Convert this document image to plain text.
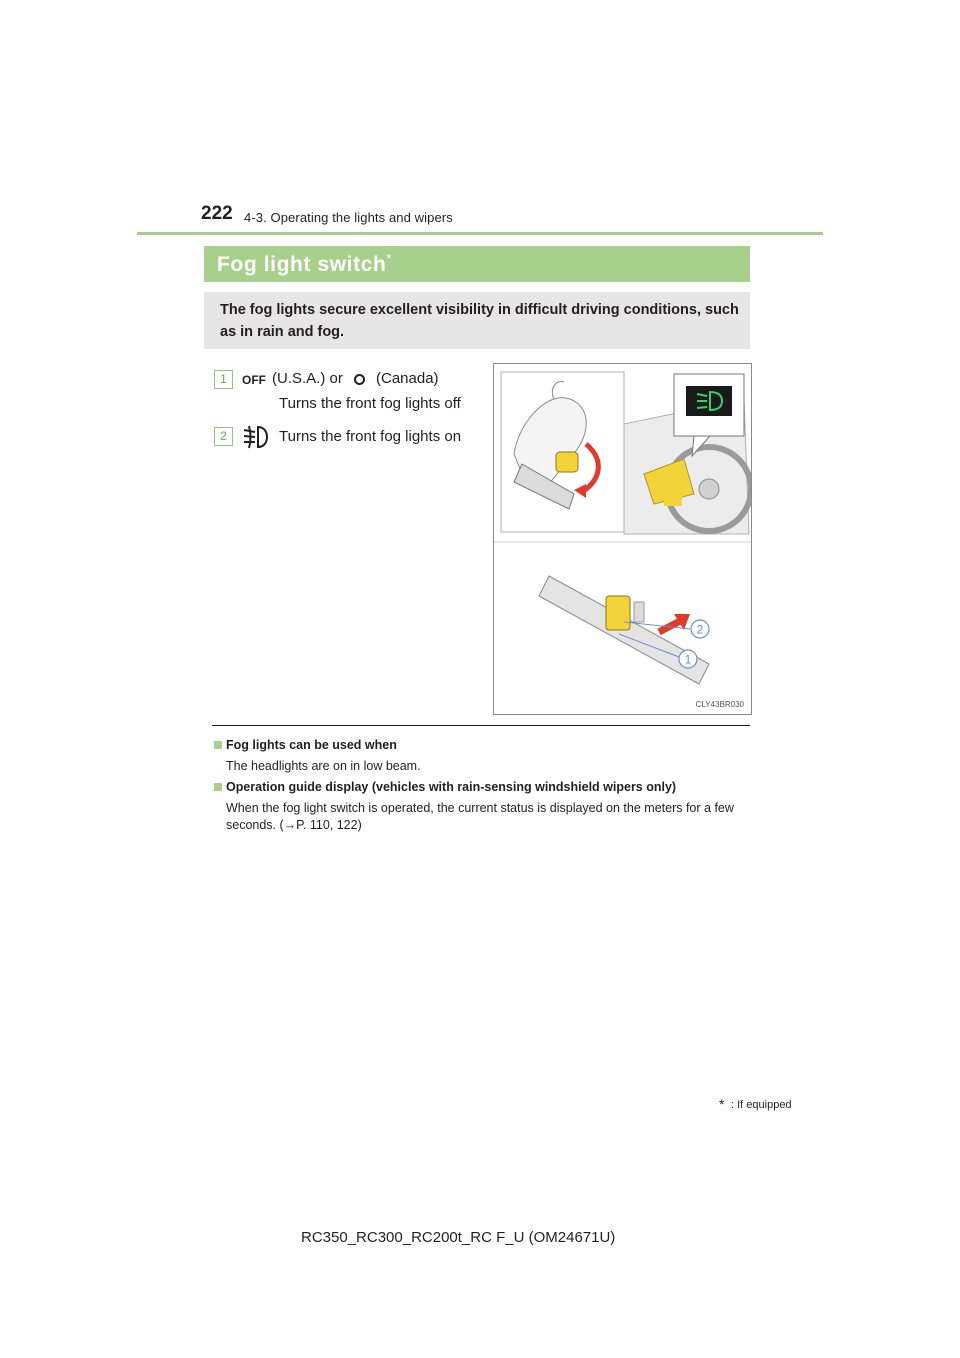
222 4-3. Operating the lights and wipers
Fog light switch*
The fog lights secure excellent visibility in difficult driving conditions, such as in rain and fog.
1	OFF (U.S.A.) or (Canada)
Turns the front fog lights off
2	Turns the front fog lights on
2
1
CLY43BR030
Fog lights can be used when
The headlights are on in low beam.
Operation guide display (vehicles with rain-sensing windshield wipers only)
When the fog light switch is operated, the current status is displayed on the meters for a few seconds. (→P. 110, 122)
* : If equipped
RC350_RC300_RC200t_RC F_U (OM24671U)
